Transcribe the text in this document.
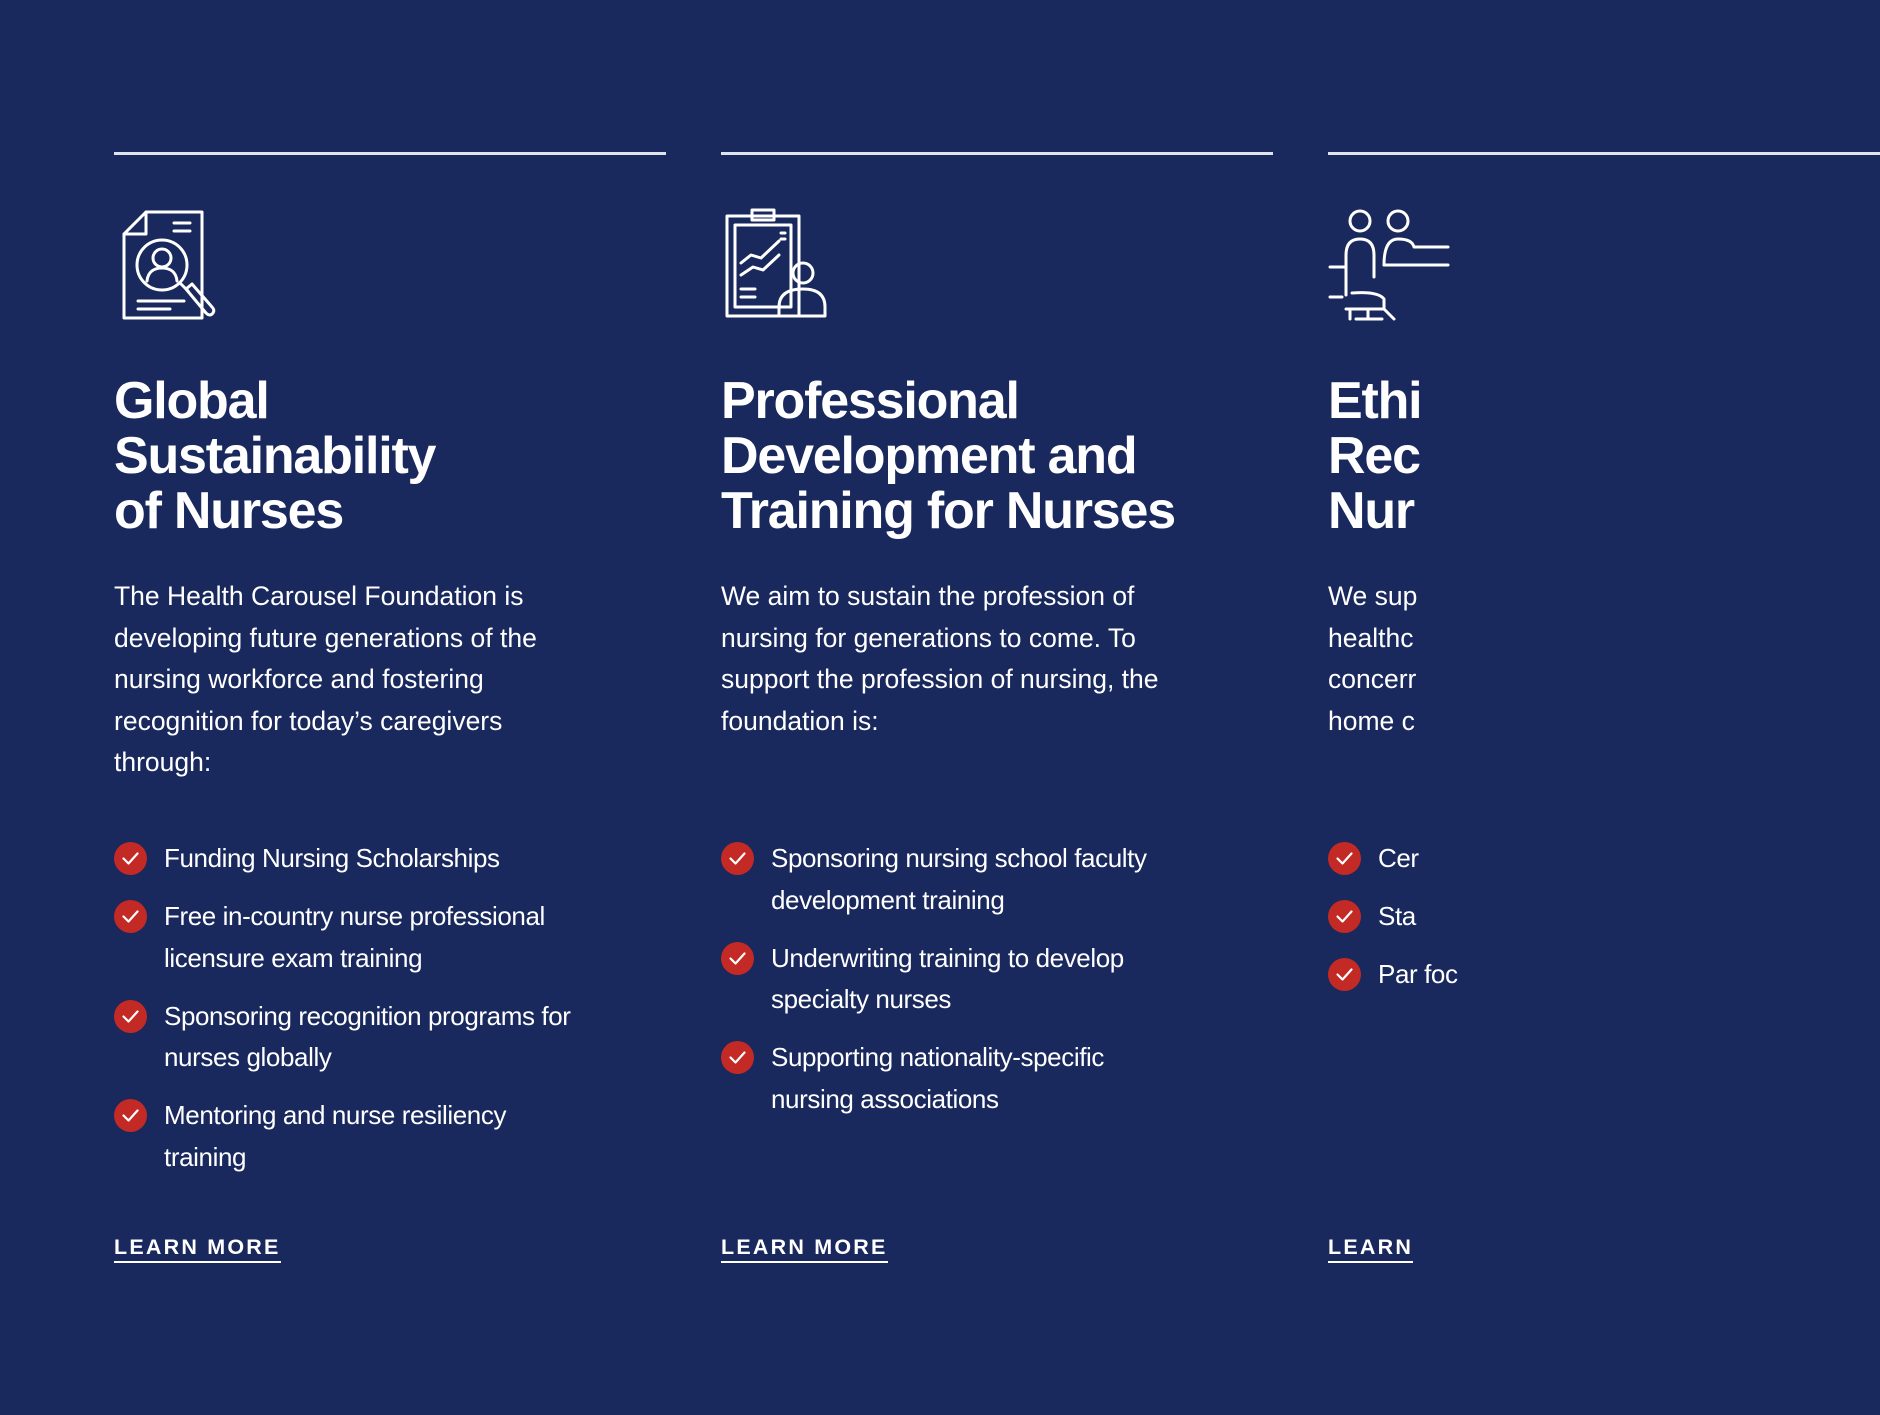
Global
Sustainability
of Nurses

The Health Carousel Foundation is developing future generations of the nursing workforce and fostering recognition for today’s caregivers through:

Funding Nursing Scholarships
Free in-country nurse professional licensure exam training
Sponsoring recognition programs for nurses globally
Mentoring and nurse resiliency training
LEARN MORE
Professional
Development and
Training for Nurses

We aim to sustain the profession of nursing for generations to come. To support the profession of nursing, the foundation is:

Sponsoring nursing school faculty development training
Underwriting training to develop specialty nurses
Supporting nationality-specific nursing associations
LEARN MORE
Ethi
Rec
Nur

We sup healthc concerr home c

Cer
Sta
Par foc
LEARN
